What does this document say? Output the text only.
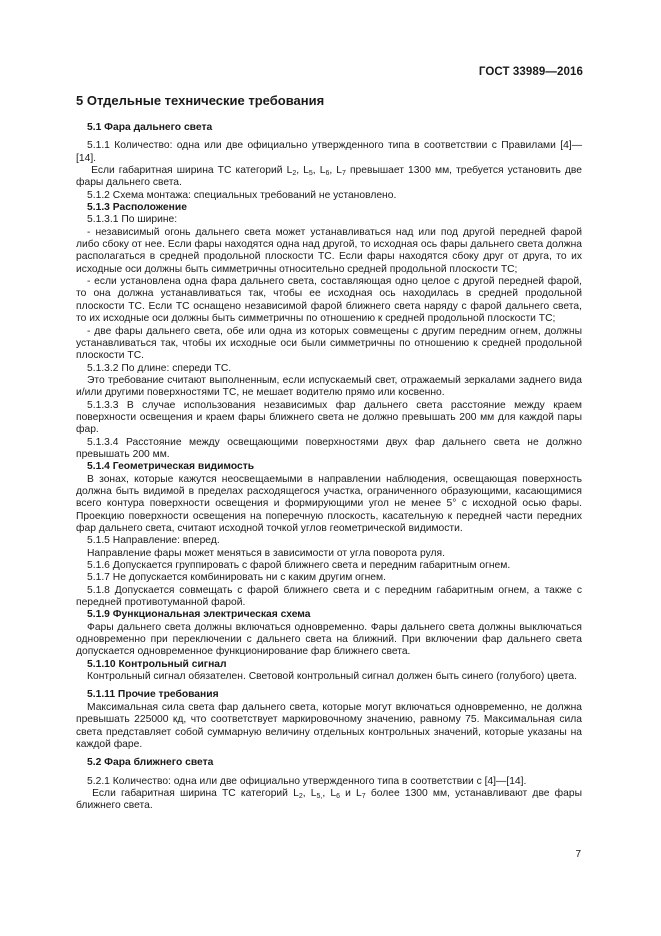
ГОСТ 33989—2016
5 Отдельные технические требования
5.1 Фара дальнего света

5.1.1 Количество: одна или две официально утвержденного типа в соответствии с Правилами [4]—[14].

Если габаритная ширина ТС категорий $L_2$, $L_5$, $L_6$, $L_7$ превышает 1300 мм, требуется установить две фары дальнего света.

5.1.2 Схема монтажа: специальных требований не установлено.

5.1.3 Расположение

5.1.3.1 По ширине:

- независимый огонь дальнего света может устанавливаться над или под другой передней фарой либо сбоку от нее. Если фары находятся одна над другой, то исходная ось фары дальнего света должна располагаться в средней продольной плоскости ТС. Если фары находятся сбоку друг от друга, то их исходные оси должны быть симметричны относительно средней продольной плоскости ТС;

- если установлена одна фара дальнего света, составляющая одно целое с другой передней фарой, то она должна устанавливаться так, чтобы ее исходная ось находилась в средней продольной плоскости ТС. Если ТС оснащено независимой фарой ближнего света наряду с фарой дальнего света, то их исходные оси должны быть симметричны по отношению к средней продольной плоскости ТС;

- две фары дальнего света, обе или одна из которых совмещены с другим передним огнем, должны устанавливаться так, чтобы их исходные оси были симметричны по отношению к средней продольной плоскости ТС.

5.1.3.2 По длине: спереди ТС.

Это требование считают выполненным, если испускаемый свет, отражаемый зеркалами заднего вида и/или другими поверхностями ТС, не мешает водителю прямо или косвенно.

5.1.3.3 В случае использования независимых фар дальнего света расстояние между краем поверхности освещения и краем фары ближнего света не должно превышать 200 мм для каждой пары фар.

5.1.3.4 Расстояние между освещающими поверхностями двух фар дальнего света не должно превышать 200 мм.

5.1.4 Геометрическая видимость

В зонах, которые кажутся неосвещаемыми в направлении наблюдения, освещающая поверхность должна быть видимой в пределах расходящегося участка, ограниченного образующими, касающимися всего контура поверхности освещения и формирующими угол не менее 5° с исходной осью фары. Проекцию поверхности освещения на поперечную плоскость, касательную к передней части передних фар дальнего света, считают исходной точкой углов геометрической видимости.

5.1.5 Направление: вперед.

Направление фары может меняться в зависимости от угла поворота руля.

5.1.6 Допускается группировать с фарой ближнего света и передним габаритным огнем.

5.1.7 Не допускается комбинировать ни с каким другим огнем.

5.1.8 Допускается совмещать с фарой ближнего света и с передним габаритным огнем, а также с передней противотуманной фарой.

5.1.9 Функциональная электрическая схема

Фары дальнего света должны включаться одновременно. Фары дальнего света должны выключаться одновременно при переключении с дальнего света на ближний. При включении фар дальнего света допускается одновременное функционирование фар ближнего света.

5.1.10 Контрольный сигнал

Контрольный сигнал обязателен. Световой контрольный сигнал должен быть синего (голубого) цвета.

5.1.11 Прочие требования

Максимальная сила света фар дальнего света, которые могут включаться одновременно, не должна превышать 225000 кд, что соответствует маркировочному значению, равному 75. Максимальная сила света представляет собой суммарную величину отдельных контрольных значений, которые указаны на каждой фаре.

5.2 Фара ближнего света

5.2.1 Количество: одна или две официально утвержденного типа в соответствии с [4]—[14].

Если габаритная ширина ТС категорий $L_2$, $L_{5,}$, $L_6$ и $L_7$ более 1300 мм, устанавливают две фары ближнего света.

7
